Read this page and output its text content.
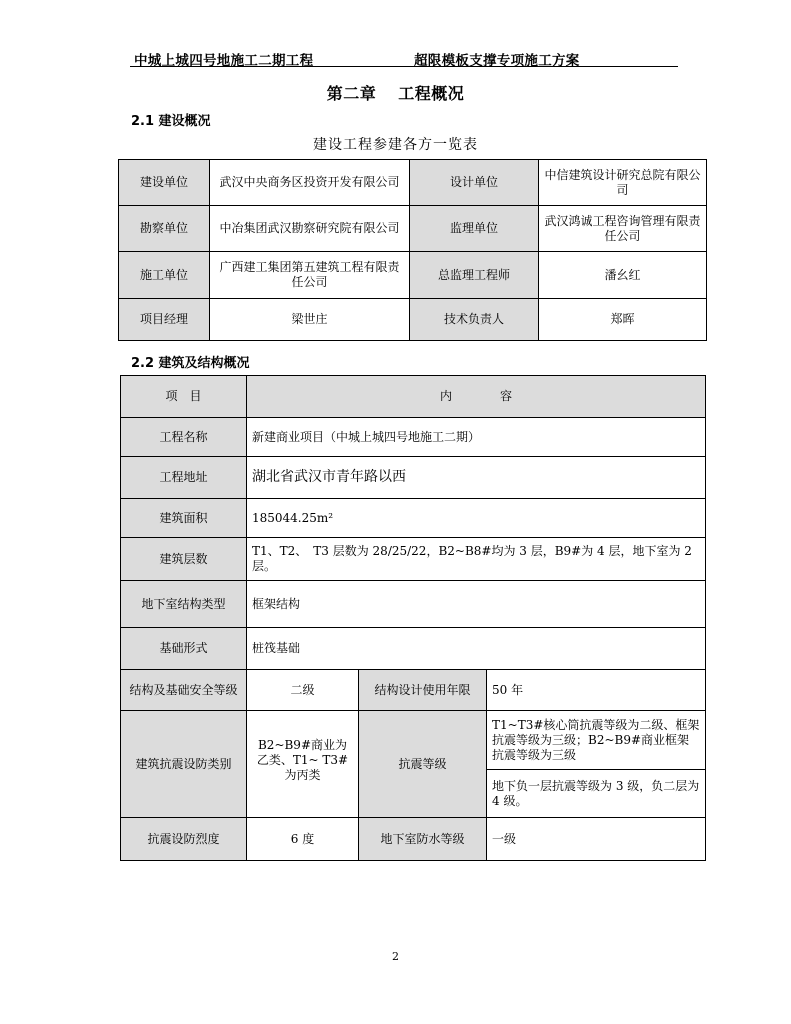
中城上城四号地施工二期工程	超限模板支撑专项施工方案
第二章 工程概况
2.1 建设概况
建设工程参建各方一览表
建设单位	武汉中央商务区投资开发有限公司	设计单位	中信建筑设计研究总院有限公司
勘察单位	中冶集团武汉勘察研究院有限公司	监理单位	武汉鸿诚工程咨询管理有限责任公司
施工单位	广西建工集团第五建筑工程有限责任公司	总监理工程师	潘幺红
项目经理	梁世庄	技术负责人	郑晖
2.2 建筑及结构概况
项　目	内　　　　容		
工程名称	新建商业项目（中城上城四号地施工二期）		
工程地址	湖北省武汉市青年路以西		
建筑面积	185044.25m²		
建筑层数	T1、T2、　T3 层数为 28/25/22，B2~B8#均为 3 层，B9#为 4 层，地下室为 2 层。		
地下室结构类型	框架结构		
基础形式	桩筏基础		
结构及基础安全等级	二级	结构设计使用年限	50 年
建筑抗震设防类别	B2~B9#商业为乙类、T1~ T3#为丙类	抗震等级	T1~T3#核心筒抗震等级为二级、框架抗震等级为三级；B2~B9#商业框架抗震等级为三级
			地下负一层抗震等级为 3 级，负二层为 4 级。
抗震设防烈度	6 度	地下室防水等级	一级
2
